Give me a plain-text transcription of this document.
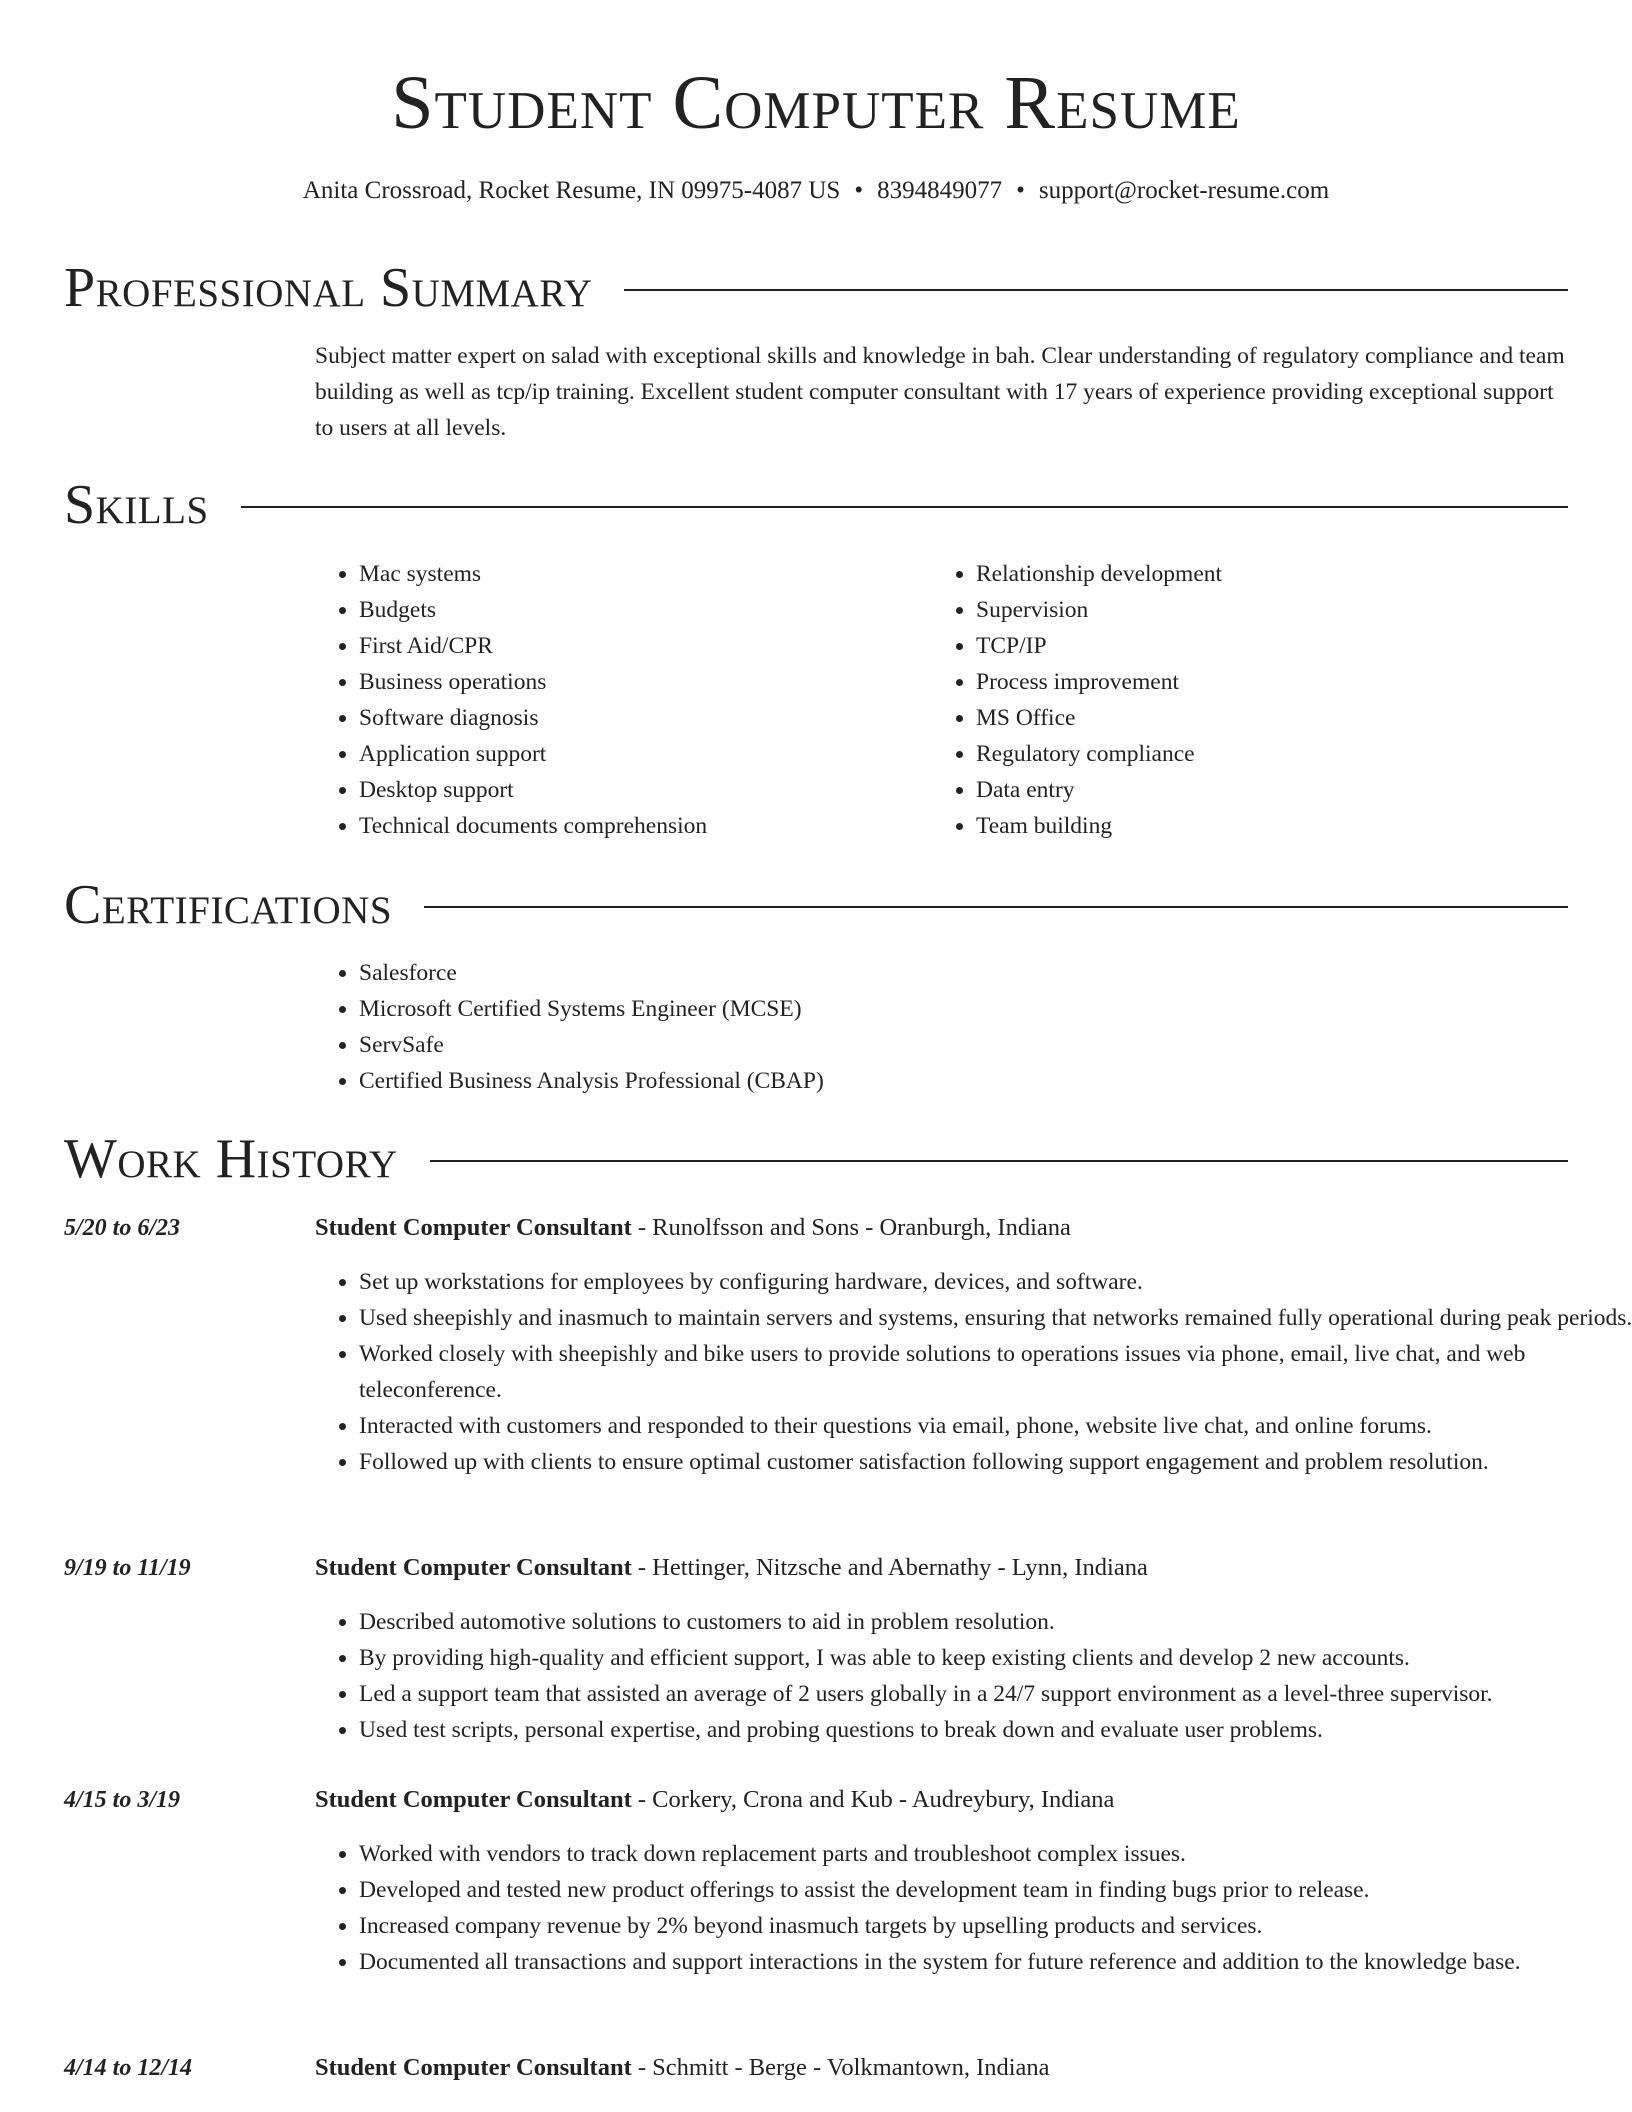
Student Computer Resume
Anita Crossroad, Rocket Resume, IN 09975-4087 US • 8394849077 • support@rocket-resume.com
Professional Summary

Subject matter expert on salad with exceptional skills and knowledge in bah. Clear understanding of regulatory compliance and team building as well as tcp/ip training. Excellent student computer consultant with 17 years of experience providing exceptional support to users at all levels.

Skills
• Mac systems
• Budgets
• First Aid/CPR
• Business operations
• Software diagnosis
• Application support
• Desktop support
• Technical documents comprehension
• Relationship development
• Supervision
• TCP/IP
• Process improvement
• MS Office
• Regulatory compliance
• Data entry
• Team building
Certifications
• Salesforce
• Microsoft Certified Systems Engineer (MCSE)
• ServSafe
• Certified Business Analysis Professional (CBAP)
Work History
5/20 to 6/23	Student Computer Consultant - Runolfsson and Sons - Oranburgh, Indiana
• Set up workstations for employees by configuring hardware, devices, and software.
• Used sheepishly and inasmuch to maintain servers and systems, ensuring that networks remained fully operational during peak periods.
• Worked closely with sheepishly and bike users to provide solutions to operations issues via phone, email, live chat, and web teleconference.
• Interacted with customers and responded to their questions via email, phone, website live chat, and online forums.
• Followed up with clients to ensure optimal customer satisfaction following support engagement and problem resolution.
9/19 to 11/19	Student Computer Consultant - Hettinger, Nitzsche and Abernathy - Lynn, Indiana
• Described automotive solutions to customers to aid in problem resolution.
• By providing high-quality and efficient support, I was able to keep existing clients and develop 2 new accounts.
• Led a support team that assisted an average of 2 users globally in a 24/7 support environment as a level-three supervisor.
• Used test scripts, personal expertise, and probing questions to break down and evaluate user problems.
4/15 to 3/19	Student Computer Consultant - Corkery, Crona and Kub - Audreybury, Indiana
• Worked with vendors to track down replacement parts and troubleshoot complex issues.
• Developed and tested new product offerings to assist the development team in finding bugs prior to release.
• Increased company revenue by 2% beyond inasmuch targets by upselling products and services.
• Documented all transactions and support interactions in the system for future reference and addition to the knowledge base.
4/14 to 12/14	Student Computer Consultant - Schmitt - Berge - Volkmantown, Indiana
